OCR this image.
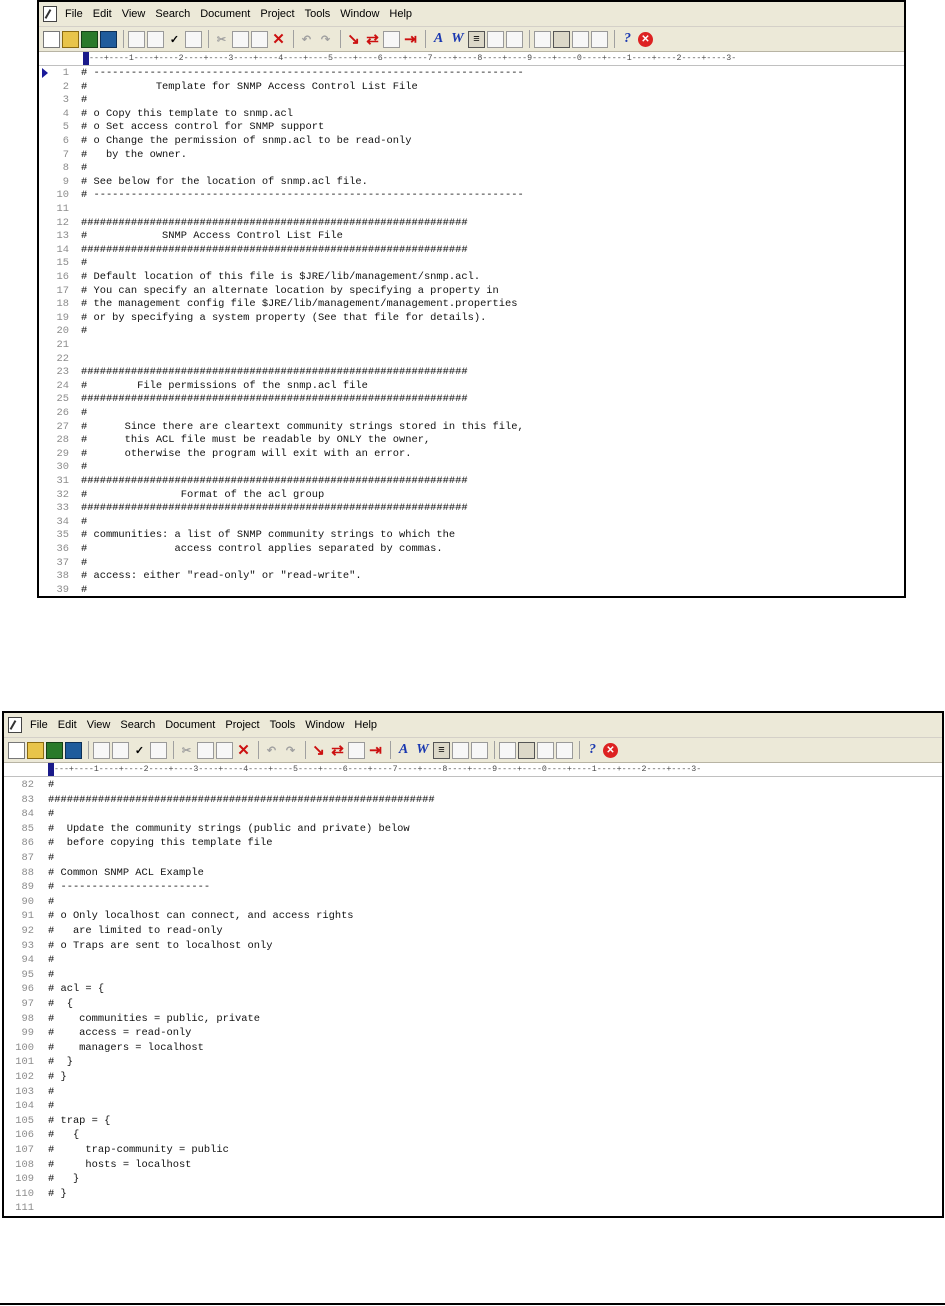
File Edit View Search Document Project Tools Window Help
✓	✂	✕	↶ ↷ ↘ ⇄ ⇥ A W ≡	?	✕

---+----1----+----2----+----3----+----4----+----5----+----6----+----7----+----8----+----9----+----0----+----1----+----2----+----3-

1 # ---------------------------------------------------------------------
2 #           Template for SNMP Access Control List File
3 #
4 # o Copy this template to snmp.acl
5 # o Set access control for SNMP support
6 # o Change the permission of snmp.acl to be read-only
7 #   by the owner.
8 #
9 # See below for the location of snmp.acl file.
10 # ---------------------------------------------------------------------
11
12 ##############################################################
13 #            SNMP Access Control List File
14 ##############################################################
15 #
16 # Default location of this file is $JRE/lib/management/snmp.acl.
17 # You can specify an alternate location by specifying a property in
18 # the management config file $JRE/lib/management/management.properties
19 # or by specifying a system property (See that file for details).
20 #
21
22
23 ##############################################################
24 #        File permissions of the snmp.acl file
25 ##############################################################
26 #
27 #      Since there are cleartext community strings stored in this file,
28 #      this ACL file must be readable by ONLY the owner,
29 #      otherwise the program will exit with an error.
30 #
31 ##############################################################
32 #               Format of the acl group
33 ##############################################################
34 #
35 # communities: a list of SNMP community strings to which the
36 #              access control applies separated by commas.
37 #
38 # access: either "read-only" or "read-write".
39 #
File Edit View Search Document Project Tools Window Help
✓	✂	✕	↶ ↷ ↘ ⇄ ⇥ A W ≡	?	✕

---+----1----+----2----+----3----+----4----+----5----+----6----+----7----+----8----+----9----+----0----+----1----+----2----+----3-

82 #
83 ##############################################################
84 #
85 #  Update the community strings (public and private) below
86 #  before copying this template file
87 #
88 # Common SNMP ACL Example
89 # ------------------------
90 #
91 # o Only localhost can connect, and access rights
92 #   are limited to read-only
93 # o Traps are sent to localhost only
94 #
95 #
96 # acl = {
97 #  {
98 #    communities = public, private
99 #    access = read-only
100 #    managers = localhost
101 #  }
102 # }
103 #
104 #
105 # trap = {
106 #   {
107 #     trap-community = public
108 #     hosts = localhost
109 #   }
110 # }
111
